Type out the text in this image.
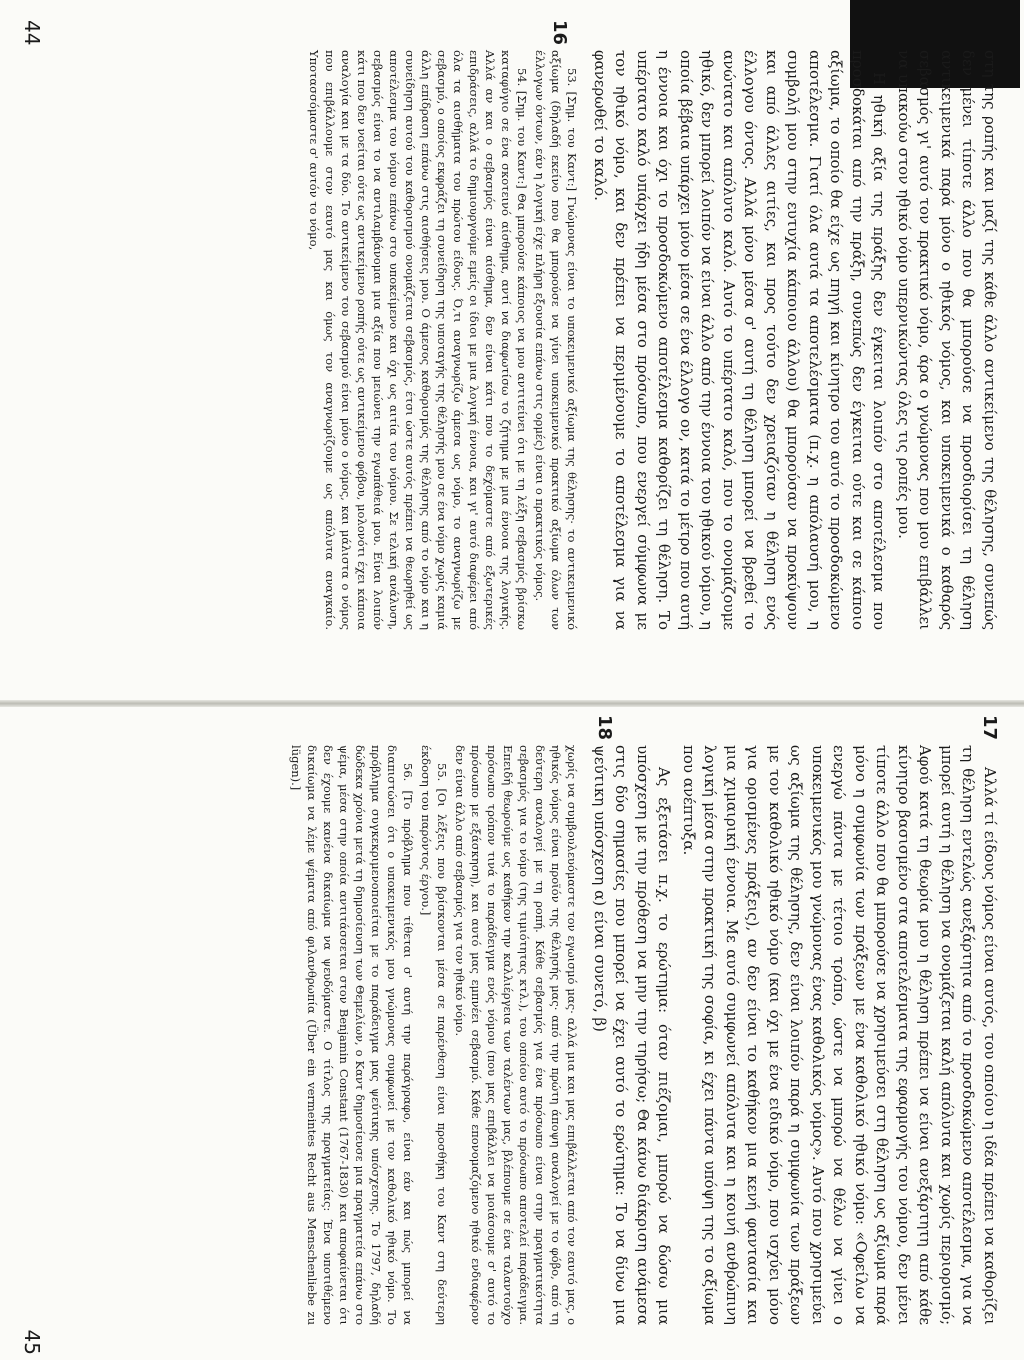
16

στη της ροπής και μαζί της κάθε άλλο αντικείμενο της θέλησης, συνεπώς δεν μένει τίποτε άλλο που θα μπορούσε να προσδιορίσει τη θέληση αντικειμενικά παρά μόνο ο ηθικός νόμος, και υποκειμενικά ο καθαρός σεβασμός γι' αυτό τον πρακτικό νόμο, άρα ο γνώμονας που μου επιβάλλει να υπακούω στον ηθικό νόμο υπερνικώντας όλες τις ροπές μου.

Η ηθική αξία της πράξης δεν έγκειται λοιπόν στο αποτέλεσμα που προσδοκάται από την πράξη, συνεπώς δεν έγκειται ούτε και σε κάποιο αξίωμα, το οποίο θα είχε ως πηγή και κίνητρο του αυτό το προσδοκώμενο αποτέλεσμα. Γιατί όλα αυτά τα αποτελέσματα (π.χ. η απόλαυσή μου, η συμβολή μου στην ευτυχία κάποιου άλλου) θα μπορούσαν να προκύψουν και από άλλες αιτίες, και προς τούτο δεν χρειαζόταν η θέληση ενός έλλογου όντος. Αλλά μόνο μέσα σ' αυτή τη θέληση μπορεί να βρεθεί το ανώτατο και απόλυτο καλό. Αυτό το υπέρτατο καλό, που το ονομάζουμε ηθικό, δεν μπορεί λοιπόν να είναι άλλο από την έννοια του ηθικού νόμου, η οποία βέβαια υπάρχει μόνο μέσα σε ένα έλλογο ον, κατά το μέτρο που αυτή η έννοια και όχι το προσδοκώμενο αποτέλεσμα καθορίζει τη θέληση. Το υπέρτατο καλό υπάρχει ήδη μέσα στο πρόσωπο, που ενεργεί σύμφωνα με τον ηθικό νόμο, και δεν πρέπει να περιμένουμε το αποτέλεσμα για να φανερωθεί το καλό.

53. [Σημ. του Καντ:] Γνώμονας είναι το υποκειμενικό αξίωμα της θέλησης· το αντικειμενικό αξίωμα (δηλαδή εκείνο που θα μπορούσε να γίνει υποκειμενικό πρακτικό αξίωμα όλων των έλλογων όντων, εάν η λογική είχε πλήρη εξουσία επάνω στις ορμές) είναι ο πρακτικός νόμος.

54. [Σημ. του Καντ:] Θα μπορούσε κάποιος να μου αντιτείνει ότι με τη λέξη σεβασμός βρίσκω καταφύγιο σε ένα σκοτεινό αίσθημα, αντί να διαφωτίσω το ζήτημα με μια έννοια της λογικής. Αλλά αν και ο σεβασμός είναι αίσθημα, δεν είναι κάτι που το δεχόμαστε από εξωτερικές επιδράσεις, αλλά το δημιουργούμε εμείς οι ίδιοι με μια λογική έννοια, και γι' αυτό διαφέρει από όλα τα αισθήματα του πρώτου είδους. Ό,τι αναγνωρίζω άμεσα ως νόμο, το αναγνωρίζω με σεβασμό, ο οποίος εκφράζει τη συνείδηση της υποταγής της θέλησής μου σε ένα νόμο χωρίς καμιά άλλη επίδραση επάνω στις αισθήσεις μου. Ο άμεσος καθορισμός της θέλησης από το νόμο και η συνείδηση αυτού του καθορισμού ονομάζεται σεβασμός, έτσι ώστε αυτός πρέπει να θεωρηθεί ως αποτέλεσμα του νόμου επάνω στο υποκείμενο και όχι ως αιτία του νόμου. Σε τελική ανάλυση, σεβασμός είναι το να αντιλαμβάνομαι μια αξία που μειώνει την εγωπάθειά μου. Είναι λοιπόν κάτι που δεν νοείται ούτε ως αντικείμενο ροπής ούτε ως αντικείμενο φόβου, μολονότι έχει κάποια αναλογία και με τα δύο. Το αντικείμενο του σεβασμού είναι μόνο ο νόμος, και μάλιστα ο νόμος που επιβάλλουμε στον εαυτό μας και όμως τον αναγνωρίζουμε ως απόλυτα αναγκαίο. Υποτασσόμαστε σ' αυτόν το νόμο,

44
17
18

Αλλά τί είδους νόμος είναι αυτός, του οποίου η ιδέα πρέπει να καθορίζει τη θέληση εντελώς ανεξάρτητα από το προσδοκώμενο αποτέλεσμα, για να μπορεί αυτή η θέληση να ονομάζεται καλή απόλυτα και χωρίς περιορισμό; Αφού κατά τη θεωρία μου η θέληση πρέπει να είναι ανεξάρτητη από κάθε κίνητρο βασισμένο στα αποτελέσματα της εφαρμογής του νόμου, δεν μένει τίποτε άλλο που θα μπορούσε να χρησιμεύσει στη θέληση ως αξίωμα παρά μόνο η συμφωνία των πράξεων με ένα καθολικό ηθικό νόμο: «Οφείλω να ενεργώ πάντα με τέτοιο τρόπο, ώστε να μπορώ να θέλω να γίνει ο υποκειμενικός μου γνώμονας ένας καθολικός νόμος». Αυτό που χρησιμεύει ως αξίωμα της θέλησης, δεν είναι λοιπόν παρά η συμφωνία των πράξεων με τον καθολικό ηθικό νόμο (και όχι με ένα ειδικό νόμο, που ισχύει μόνο για ορισμένες πράξεις), αν δεν είναι το καθήκον μια κενή φαντασία και μια χιμαιρική έννοια. Με αυτό συμφωνεί απόλυτα και η κοινή ανθρώπινη λογική μέσα στην πρακτική της σοφία, κι έχει πάντα υπόψη της το αξίωμα που ανέπτυξα.

Ας εξετάσει π.χ. το ερώτημα: όταν πιέζομαι, μπορώ να δώσω μια υπόσχεση με την πρόθεση να μην την τηρήσω; Θα κάνω διάκριση ανάμεσα στις δύο σημασίες που μπορεί να έχει αυτό το ερώτημα: Το να δίνω μια ψεύτικη υπόσχεση α) είναι συνετό, β)

χωρίς να συμβουλευόμαστε τον εγωισμό μας· αλλά μια και μας επιβάλλεται από τον εαυτό μας, ο ηθικός νόμος είναι προϊόν της θέλησής μας· από την πρώτη άποψη αναλογεί με το φόβο, από τη δεύτερη αναλογεί με τη ροπή. Κάθε σεβασμός για ένα πρόσωπο είναι στην πραγματικότητα σεβασμός για το νόμο (της τιμιότητας κτλ.), του οποίου αυτό το πρόσωπο αποτελεί παράδειγμα. Επειδή θεωρούμε ως καθήκον την καλλιέργεια των ταλέντων μας, βλέπουμε σε ένα ταλαντούχο πρόσωπο τρόπον τινά το παράδειγμα ενός νόμου (που μας επιβάλλει να μοιάσουμε σ' αυτό το πρόσωπο με εξάσκηση), και αυτό μας εμπνέει σεβασμό. Κάθε επονομαζόμενο ηθικό ενδιαφέρον δεν είναι άλλο από σεβασμός για τον ηθικό νόμο.

55. [Οι λέξεις που βρίσκονται μέσα σε παρένθεση είναι προσθήκη του Καντ στη δεύτερη έκδοση του παρόντος έργου.]

56. [Το πρόβλημα που τίθεται σ' αυτή την παράγραφο, είναι εάν και πώς μπορεί να διαπιστώσει ότι ο υποκειμενικός μου γνώμονας συμφωνεί με τον καθολικό ηθικό νόμο. Το πρόβλημα συγκεκριμενοποιείται με το παράδειγμα μας ψεύτικης υπόσχεσης. Το 1797, δηλαδή δώδεκα χρόνια μετά τη δημοσίευση των Θεμελίων, ο Καντ δημοσίευσε μια πραγματεία επάνω στο ψέμα, μέσα στην οποία αντιτάσσεται στον Benjamin Constant (1767-1830) και αποφαίνεται ότι δεν έχουμε κανένα δικαίωμα να ψευδόμαστε. Ο τίτλος της πραγματείας: Ένα υποτιθέμενο δικαίωμα να λέμε ψέματα από φιλανθρωπία (Über ein vermeintes Recht aus Menschenliebe zu lügen).]

45
